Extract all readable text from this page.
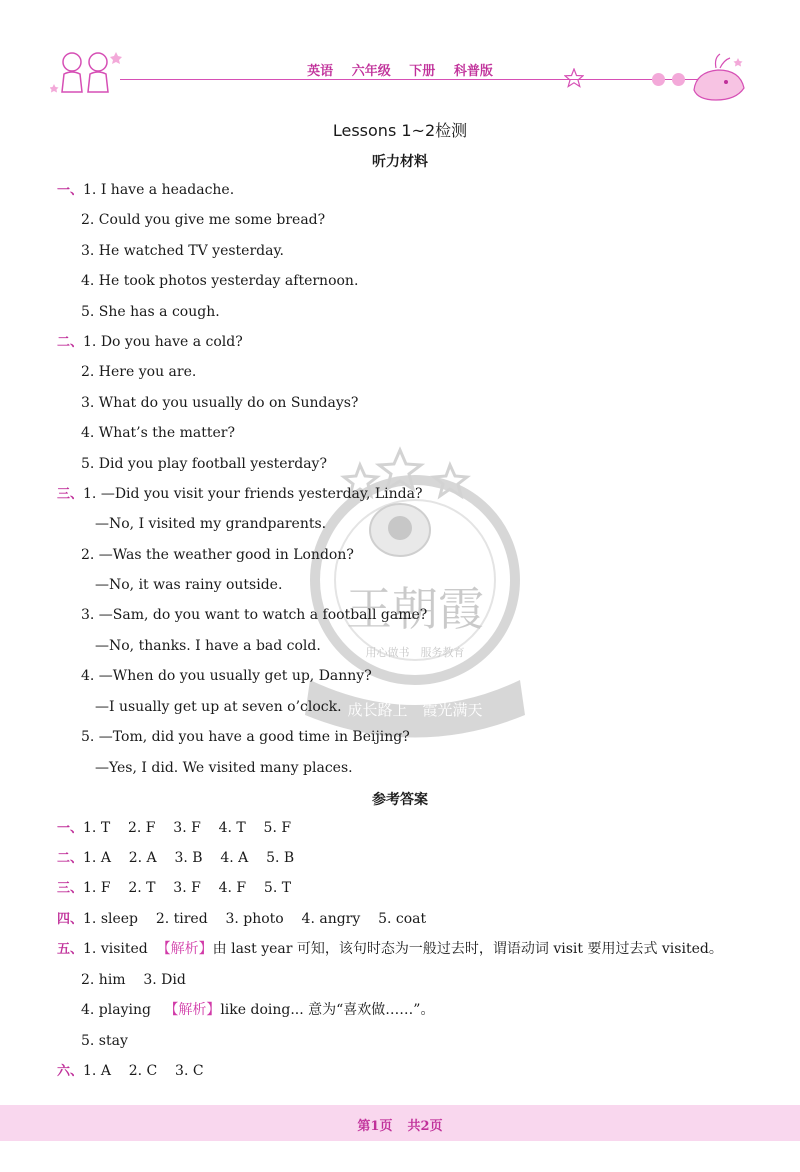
英语 六年级 下册 科普版
Lessons 1~2检测
听力材料
王朝霞
用心做书　服务教育
成长路上　霞光满天
一、1. I have a headache.
2. Could you give me some bread?
3. He watched TV yesterday.
4. He took photos yesterday afternoon.
5. She has a cough.
二、1. Do you have a cold?
2. Here you are.
3. What do you usually do on Sundays?
4. What’s the matter?
5. Did you play football yesterday?
三、1. —Did you visit your friends yesterday, Linda?
—No, I visited my grandparents.
2. —Was the weather good in London?
—No, it was rainy outside.
3. —Sam, do you want to watch a football game?
—No, thanks. I have a bad cold.
4. —When do you usually get up, Danny?
—I usually get up at seven o’clock.
5. —Tom, did you have a good time in Beijing?
—Yes, I did. We visited many places.
参考答案
一、1. T    2. F    3. F    4. T    5. F
二、1. A    2. A    3. B    4. A    5. B
三、1. F    2. T    3. F    4. F    5. T
四、1. sleep    2. tired    3. photo    4. angry    5. coat
五、1. visited 【解析】由 last year 可知，该句时态为一般过去时，谓语动词 visit 要用过去式 visited。
2. him    3. Did
4. playing 【解析】like doing... 意为“喜欢做……”。
5. stay
六、1. A    2. C    3. C
第1页 共2页
